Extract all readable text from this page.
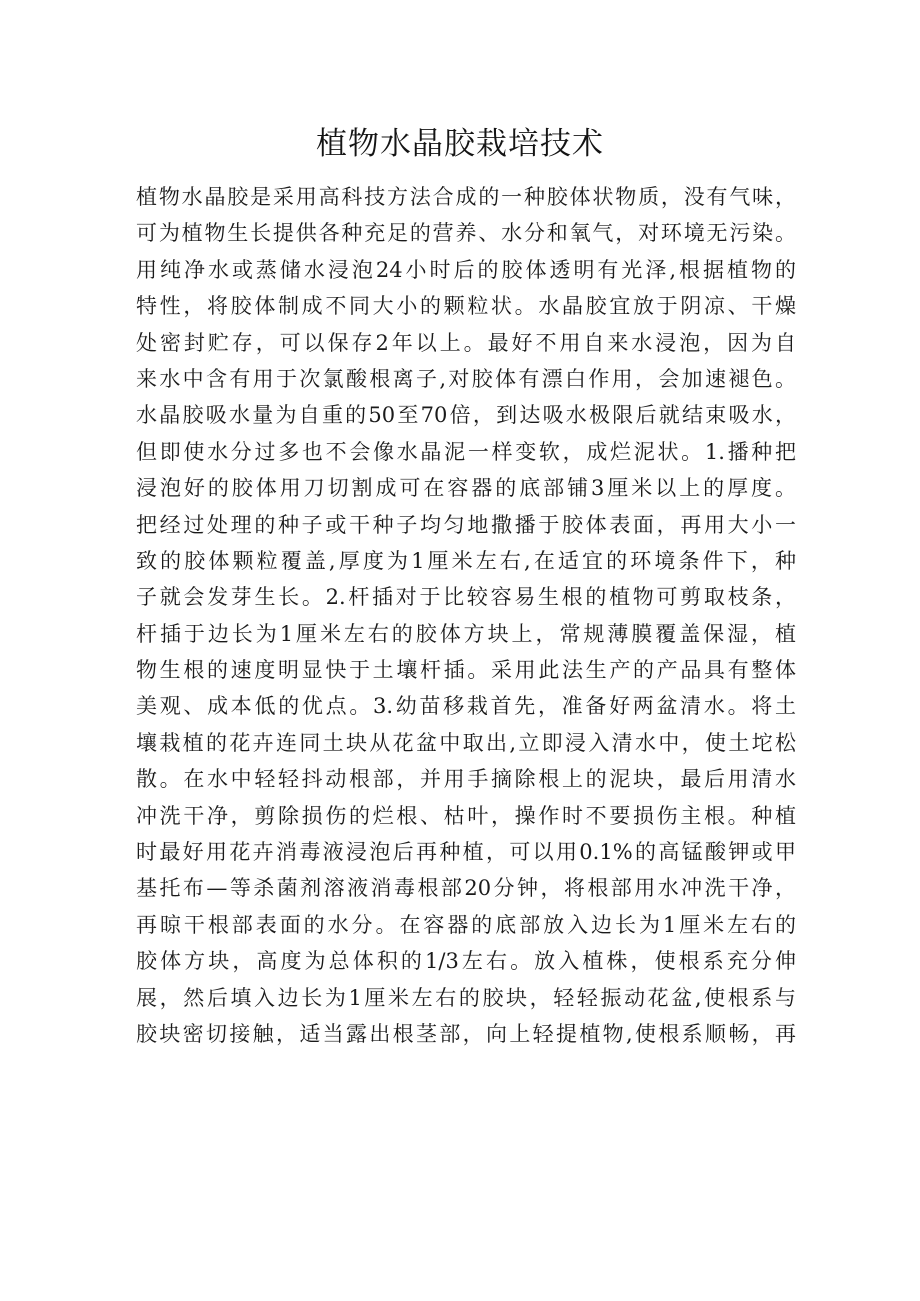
植物水晶胶栽培技术
植物水晶胶是采用高科技方法合成的一种胶体状物质，没有气味，
可为植物生长提供各种充足的营养、水分和氧气，对环境无污染。
用纯净水或蒸储水浸泡24小时后的胶体透明有光泽,根据植物的
特性，将胶体制成不同大小的颗粒状。水晶胶宜放于阴凉、干燥
处密封贮存，可以保存2年以上。最好不用自来水浸泡，因为自
来水中含有用于次氯酸根离子,对胶体有漂白作用，会加速褪色。
水晶胶吸水量为自重的50至70倍，到达吸水极限后就结束吸水，
但即使水分过多也不会像水晶泥一样变软，成烂泥状。1.播种把
浸泡好的胶体用刀切割成可在容器的底部铺3厘米以上的厚度。
把经过处理的种子或干种子均匀地撒播于胶体表面，再用大小一
致的胶体颗粒覆盖,厚度为1厘米左右,在适宜的环境条件下，种
子就会发芽生长。2.杆插对于比较容易生根的植物可剪取枝条，
杆插于边长为1厘米左右的胶体方块上，常规薄膜覆盖保湿，植
物生根的速度明显快于土壤杆插。采用此法生产的产品具有整体
美观、成本低的优点。3.幼苗移栽首先，准备好两盆清水。将土
壤栽植的花卉连同土块从花盆中取出,立即浸入清水中，使土坨松
散。在水中轻轻抖动根部，并用手摘除根上的泥块，最后用清水
冲洗干净，剪除损伤的烂根、枯叶，操作时不要损伤主根。种植
时最好用花卉消毒液浸泡后再种植，可以用0.1%的高锰酸钾或甲
基托布—等杀菌剂溶液消毒根部20分钟，将根部用水冲洗干净，
再晾干根部表面的水分。在容器的底部放入边长为1厘米左右的
胶体方块，高度为总体积的1/3左右。放入植株，使根系充分伸
展，然后填入边长为1厘米左右的胶块，轻轻振动花盆,使根系与
胶块密切接触，适当露出根茎部，向上轻提植物,使根系顺畅，再
